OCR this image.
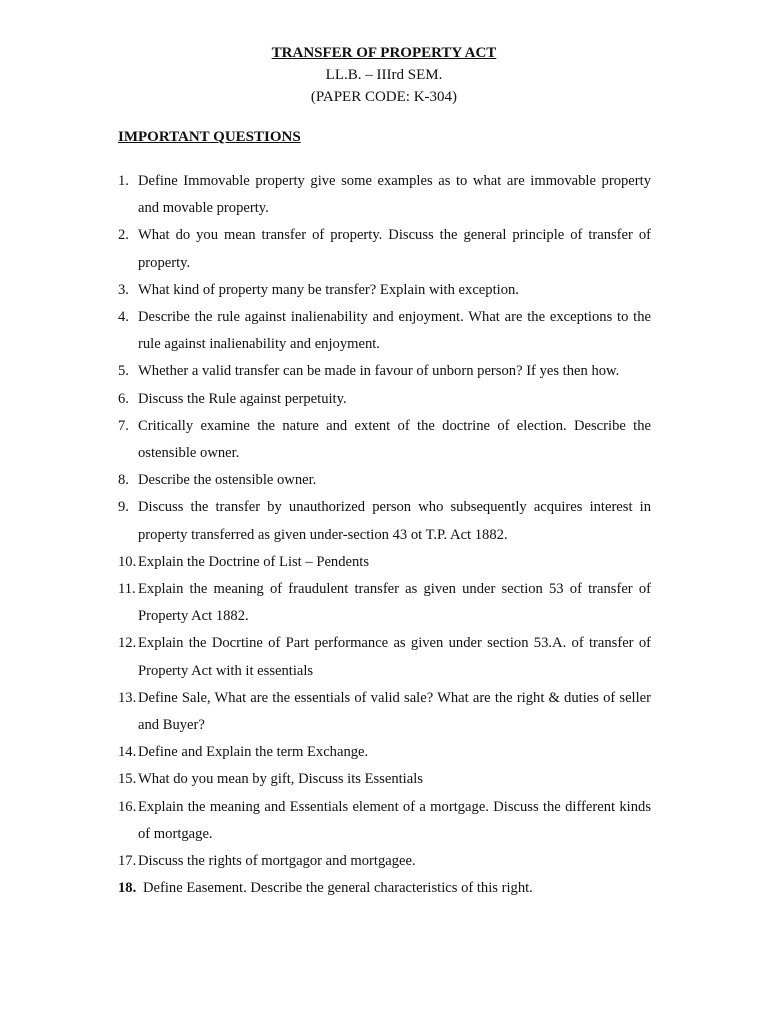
TRANSFER OF PROPERTY ACT
LL.B. – IIIrd SEM.
(PAPER CODE: K-304)
IMPORTANT QUESTIONS
1. Define Immovable property give some examples as to what are immovable property and movable property.
2. What do you mean transfer of property. Discuss the general principle of transfer of property.
3. What kind of property many be transfer? Explain with exception.
4. Describe the rule against inalienability and enjoyment. What are the exceptions to the rule against inalienability and enjoyment.
5. Whether a valid transfer can be made in favour of unborn person? If yes then how.
6. Discuss the Rule against perpetuity.
7. Critically examine the nature and extent of the doctrine of election. Describe the ostensible owner.
8. Describe the ostensible owner.
9. Discuss the transfer by unauthorized person who subsequently acquires interest in property transferred as given under-section 43 ot T.P. Act 1882.
10. Explain the Doctrine of List – Pendents
11. Explain the meaning of fraudulent transfer as given under section 53 of transfer of Property Act 1882.
12. Explain the Docrtine of Part performance as given under section 53.A. of transfer of Property Act with it essentials
13. Define Sale, What are the essentials of valid sale? What are the right & duties of seller and Buyer?
14. Define and Explain the term Exchange.
15. What do you mean by gift, Discuss its Essentials
16. Explain the meaning and Essentials element of a mortgage. Discuss the different kinds of mortgage.
17. Discuss the rights of mortgagor and mortgagee.
18. Define Easement. Describe the general characteristics of this right.
